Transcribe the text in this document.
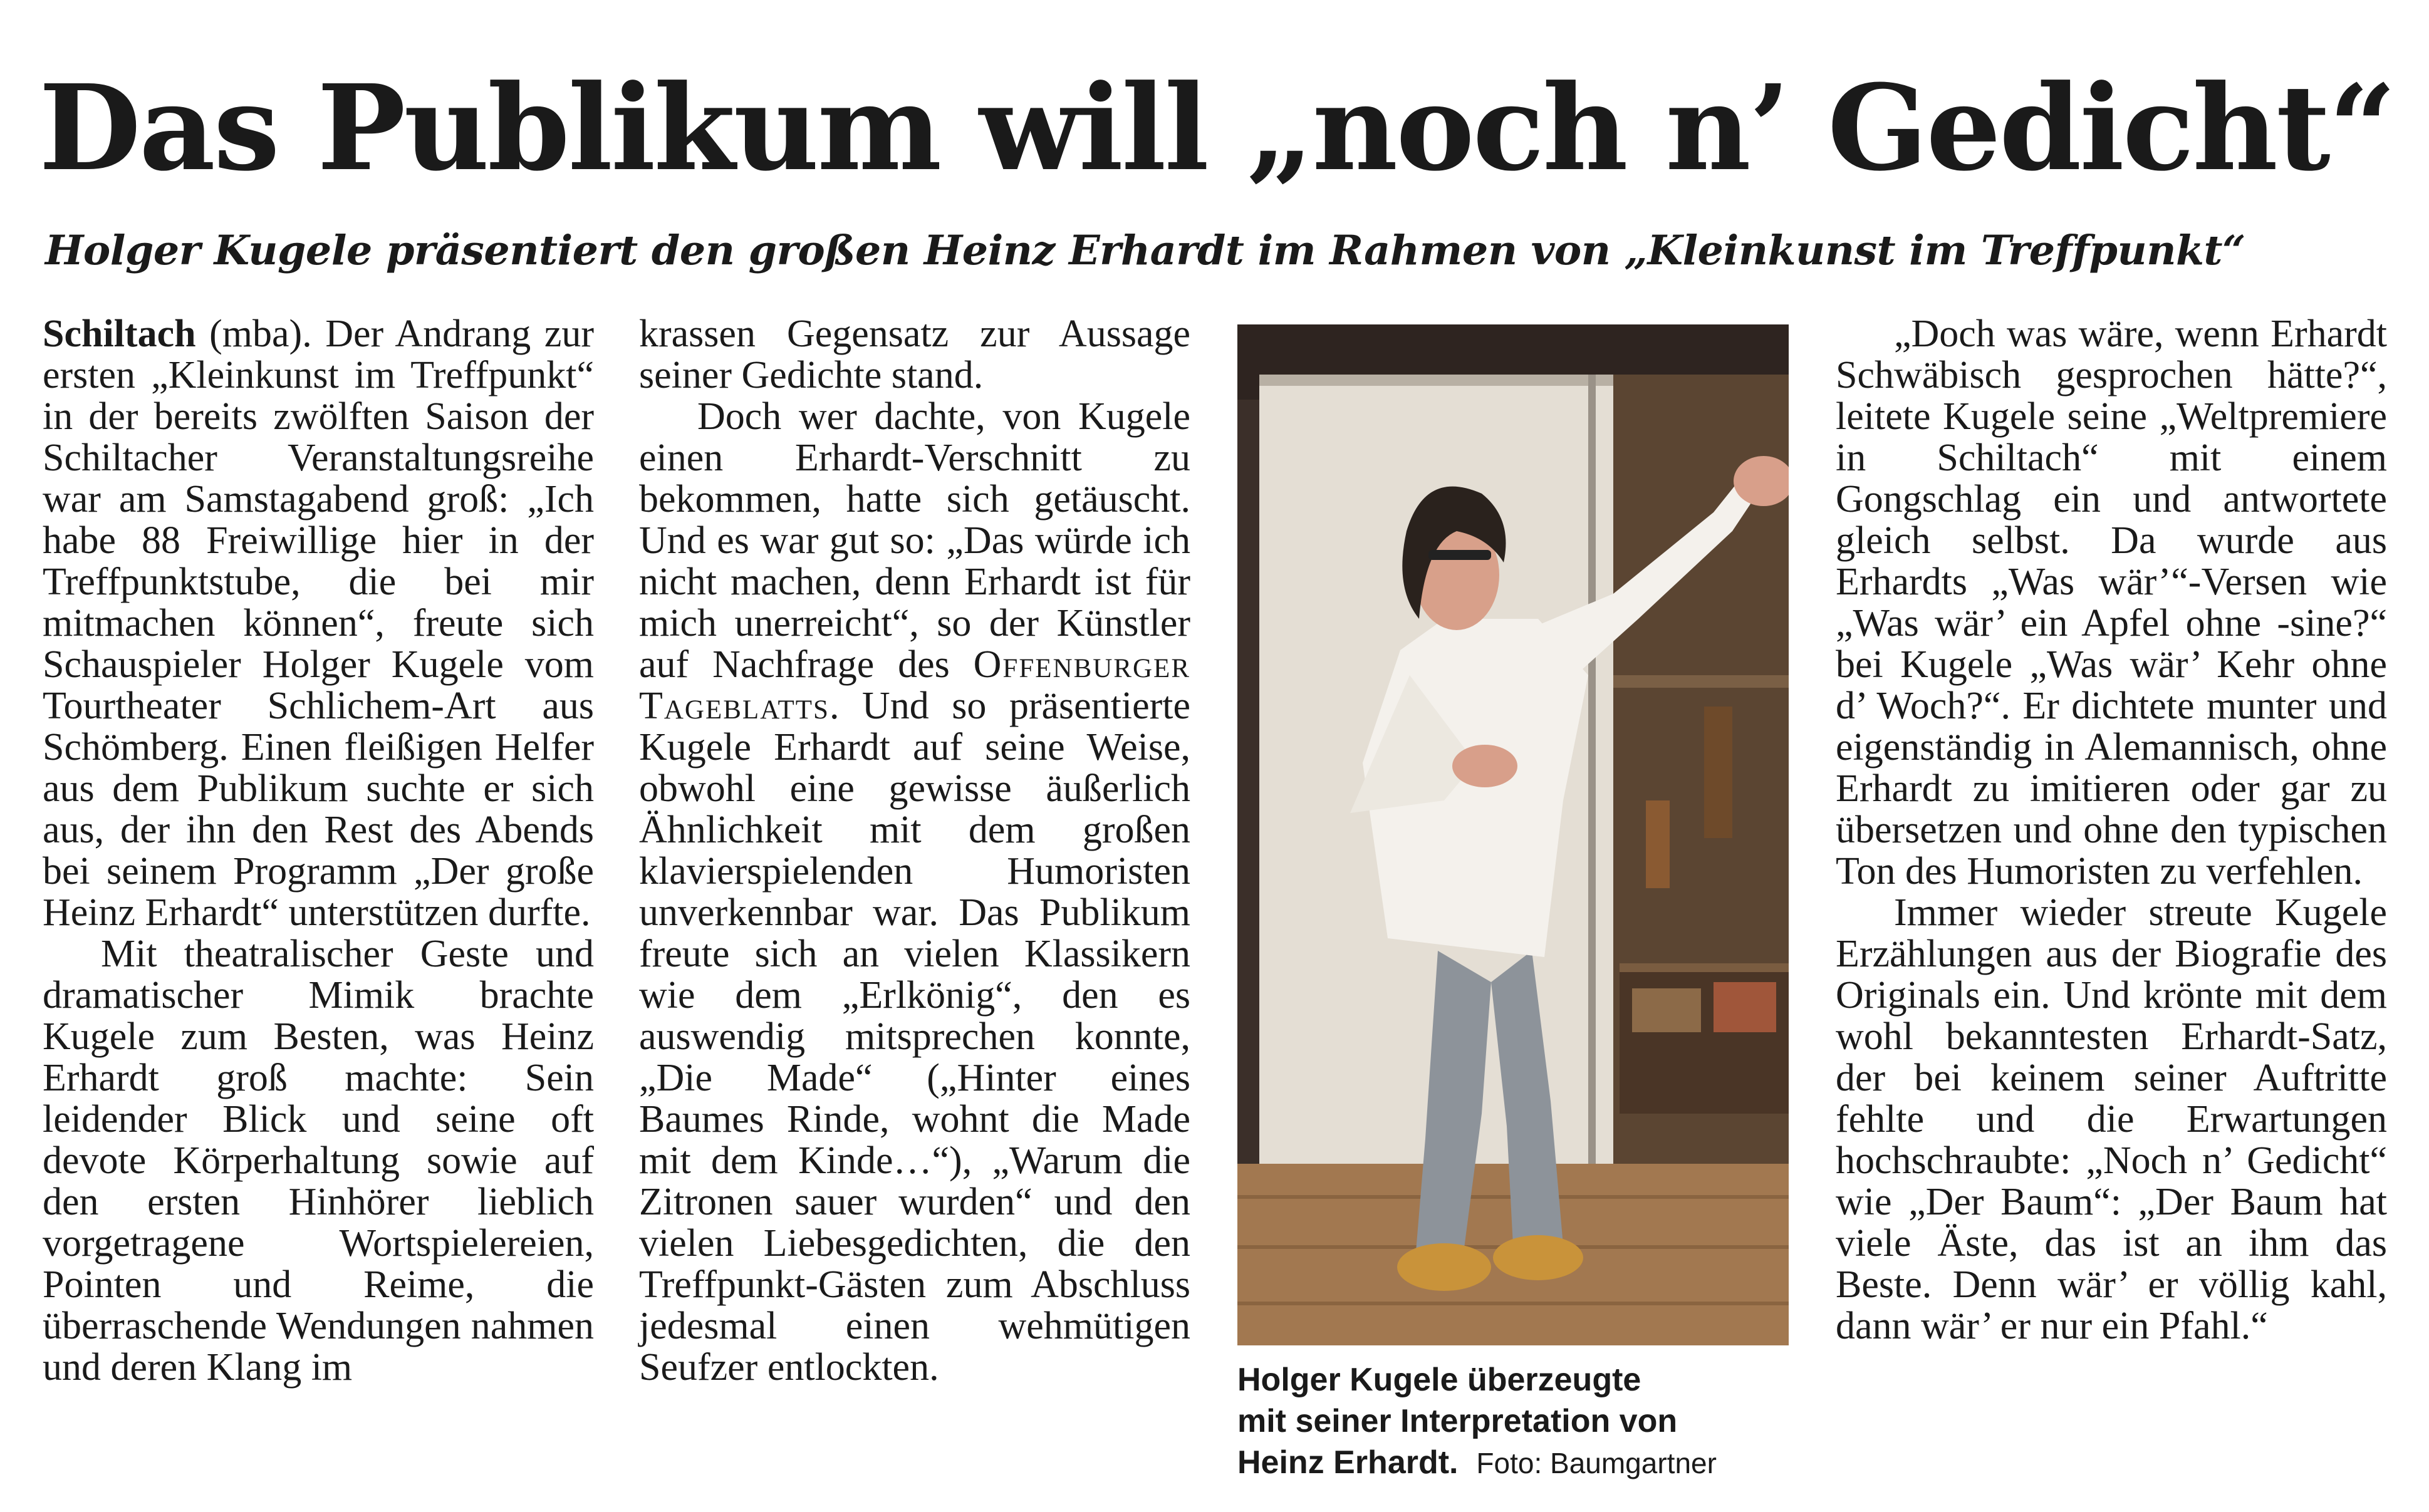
Das Publikum will „noch n’ Gedicht“
Holger Kugele präsentiert den großen Heinz Erhardt im Rahmen von „Kleinkunst im Treffpunkt“

Schiltach (mba). Der Andrang zur ersten „Kleinkunst im Treffpunkt“ in der bereits zwölften Saison der Schiltacher Veranstaltungsreihe war am Samstagabend groß: „Ich habe 88 Freiwillige hier in der Treffpunktstube, die bei mir mitmachen können“, freute sich Schauspieler Holger Kugele vom Tourtheater Schlichem-Art aus Schömberg. Einen fleißigen Helfer aus dem Publikum suchte er sich aus, der ihn den Rest des Abends bei seinem Programm „Der große Heinz Erhardt“ unterstützen durfte.

Mit theatralischer Geste und dramatischer Mimik brachte Kugele zum Besten, was Heinz Erhardt groß machte: Sein leidender Blick und seine oft devote Körperhaltung sowie auf den ersten Hinhörer lieblich vorgetragene Wortspielereien, Pointen und Reime, die überraschende Wendungen nahmen und deren Klang im

krassen Gegensatz zur Aussage seiner Gedichte stand.

Doch wer dachte, von Kugele einen Erhardt-Verschnitt zu bekommen, hatte sich getäuscht. Und es war gut so: „Das würde ich nicht machen, denn Erhardt ist für mich unerreicht“, so der Künstler auf Nachfrage des Offenburger Tageblatts. Und so präsentierte Kugele Erhardt auf seine Weise, obwohl eine gewisse äußerlich Ähnlichkeit mit dem großen klavierspielenden Humoristen unverkennbar war. Das Publikum freute sich an vielen Klassikern wie dem „Erlkönig“, den es auswendig mitsprechen konnte, „Die Made“ („Hinter eines Baumes Rinde, wohnt die Made mit dem Kinde…“), „Warum die Zitronen sauer wurden“ und den vielen Liebesgedichten, die den Treffpunkt-Gästen zum Abschluss jedesmal einen wehmütigen Seufzer entlockten.	Holger Kugele überzeugte
mit seiner Interpretation von
Heinz Erhardt. Foto: Baumgartner

„Doch was wäre, wenn Erhardt Schwäbisch gesprochen hätte?“, leitete Kugele seine „Weltpremiere in Schiltach“ mit einem Gongschlag ein und antwortete gleich selbst. Da wurde aus Erhardts „Was wär’“-Versen wie „Was wär’ ein Apfel ohne -sine?“ bei Kugele „Was wär’ Kehr ohne d’ Woch?“. Er dichtete munter und eigenständig in Alemannisch, ohne Erhardt zu imitieren oder gar zu übersetzen und ohne den typischen Ton des Humoristen zu verfehlen.

Immer wieder streute Kugele Erzählungen aus der Biografie des Originals ein. Und krönte mit dem wohl bekanntesten Erhardt-Satz, der bei keinem seiner Auftritte fehlte und die Erwartungen hochschraubte: „Noch n’ Gedicht“ wie „Der Baum“: „Der Baum hat viele Äste, das ist an ihm das Beste. Denn wär’ er völlig kahl, dann wär’ er nur ein Pfahl.“
